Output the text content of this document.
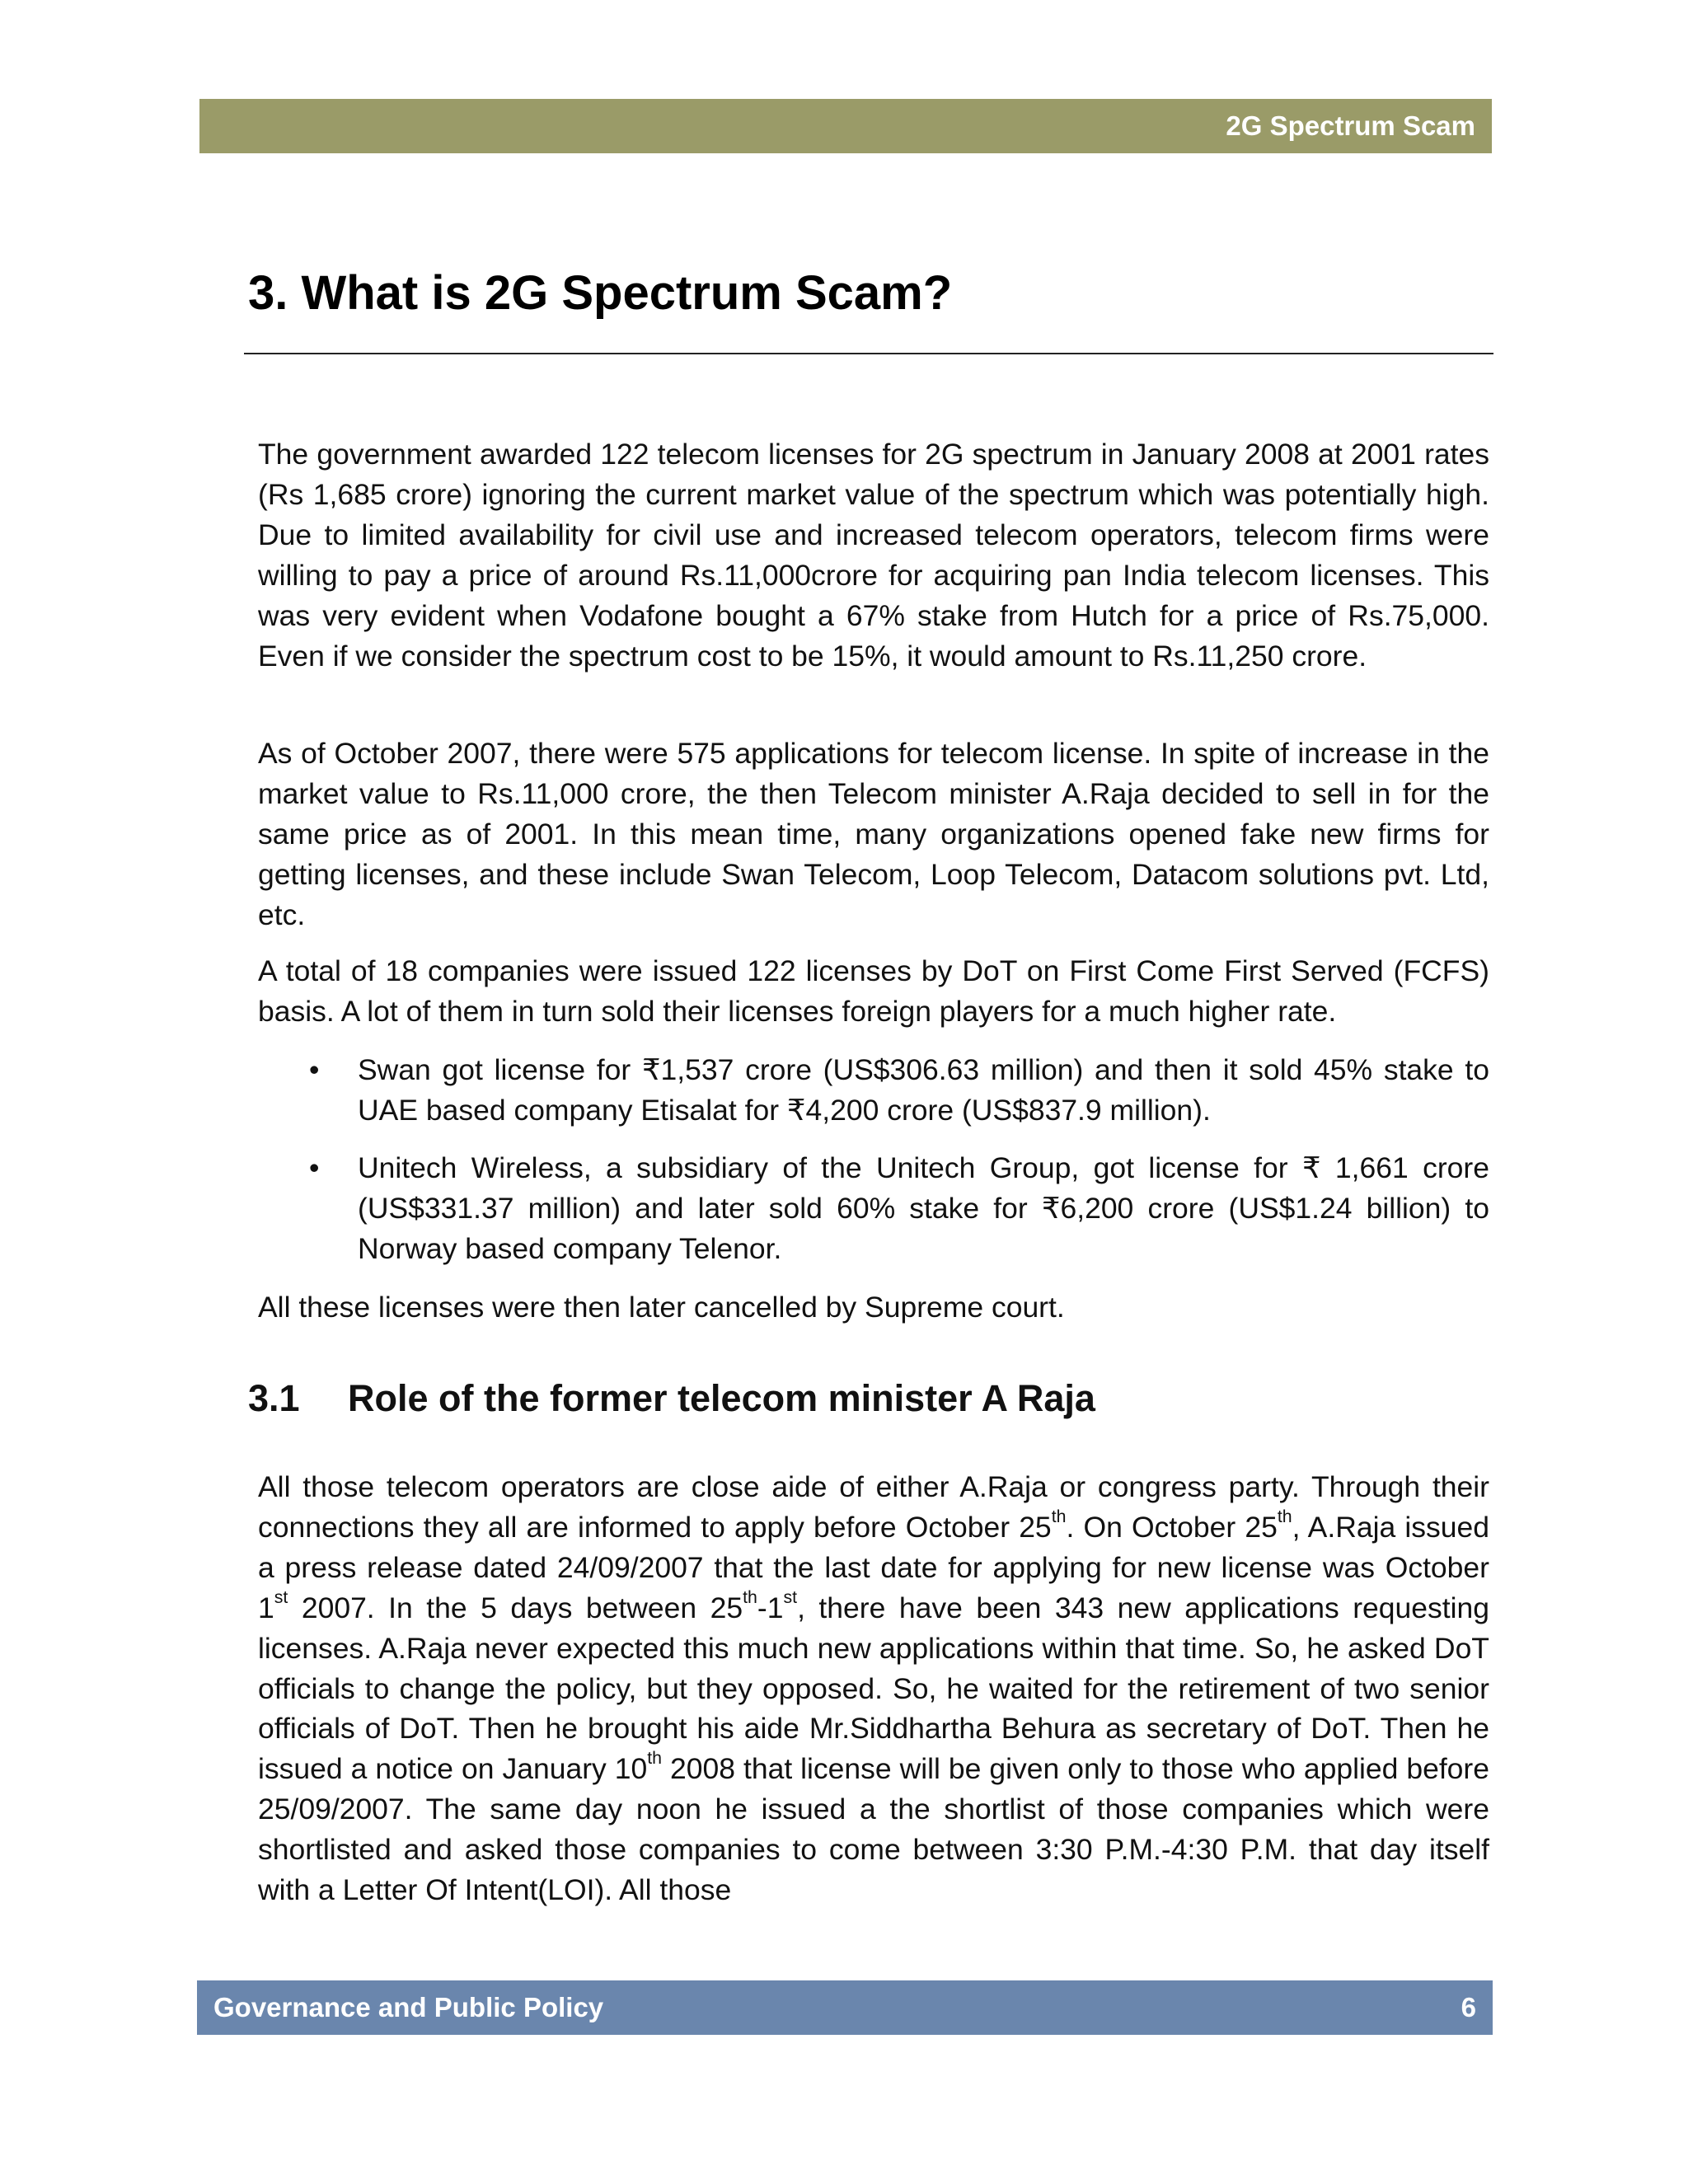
2G Spectrum Scam
3. What is 2G Spectrum Scam?

The government awarded 122 telecom licenses for 2G spectrum in January 2008 at 2001 rates (Rs 1,685 crore) ignoring the current market value of the spectrum which was potentially high. Due to limited availability for civil use and increased telecom operators, telecom firms were willing to pay a price of around Rs.11,000crore for acquiring pan India telecom licenses. This was very evident when Vodafone bought a 67% stake from Hutch for a price of Rs.75,000. Even if we consider the spectrum cost to be 15%, it would amount to Rs.11,250 crore.

As of October 2007, there were 575 applications for telecom license. In spite of increase in the market value to Rs.11,000 crore, the then Telecom minister A.Raja decided to sell in for the same price as of 2001. In this mean time, many organizations opened fake new firms for getting licenses, and these include Swan Telecom, Loop Telecom, Datacom solutions pvt. Ltd, etc.

A total of 18 companies were issued 122 licenses by DoT on First Come First Served (FCFS) basis. A lot of them in turn sold their licenses foreign players for a much higher rate.

•	Swan got license for ₹1,537 crore (US$306.63 million) and then it sold 45% stake to UAE based company Etisalat for ₹4,200 crore (US$837.9 million).
•	Unitech Wireless, a subsidiary of the Unitech Group, got license for ₹ 1,661 crore (US$331.37 million) and later sold 60% stake for ₹6,200 crore (US$1.24 billion) to Norway based company Telenor.

All these licenses were then later cancelled by Supreme court.

3.1 Role of the former telecom minister A Raja

All those telecom operators are close aide of either A.Raja or congress party. Through their connections they all are informed to apply before October 25th. On October 25th, A.Raja issued a press release dated 24/09/2007 that the last date for applying for new license was October 1st 2007. In the 5 days between 25th-1st, there have been 343 new applications requesting licenses. A.Raja never expected this much new applications within that time. So, he asked DoT officials to change the policy, but they opposed. So, he waited for the retirement of two senior officials of DoT. Then he brought his aide Mr.Siddhartha Behura as secretary of DoT. Then he issued a notice on January 10th 2008 that license will be given only to those who applied before 25/09/2007. The same day noon he issued a the shortlist of those companies which were shortlisted and asked those companies to come between 3:30 P.M.-4:30 P.M. that day itself with a Letter Of Intent(LOI). All those

Governance and Public Policy	6
